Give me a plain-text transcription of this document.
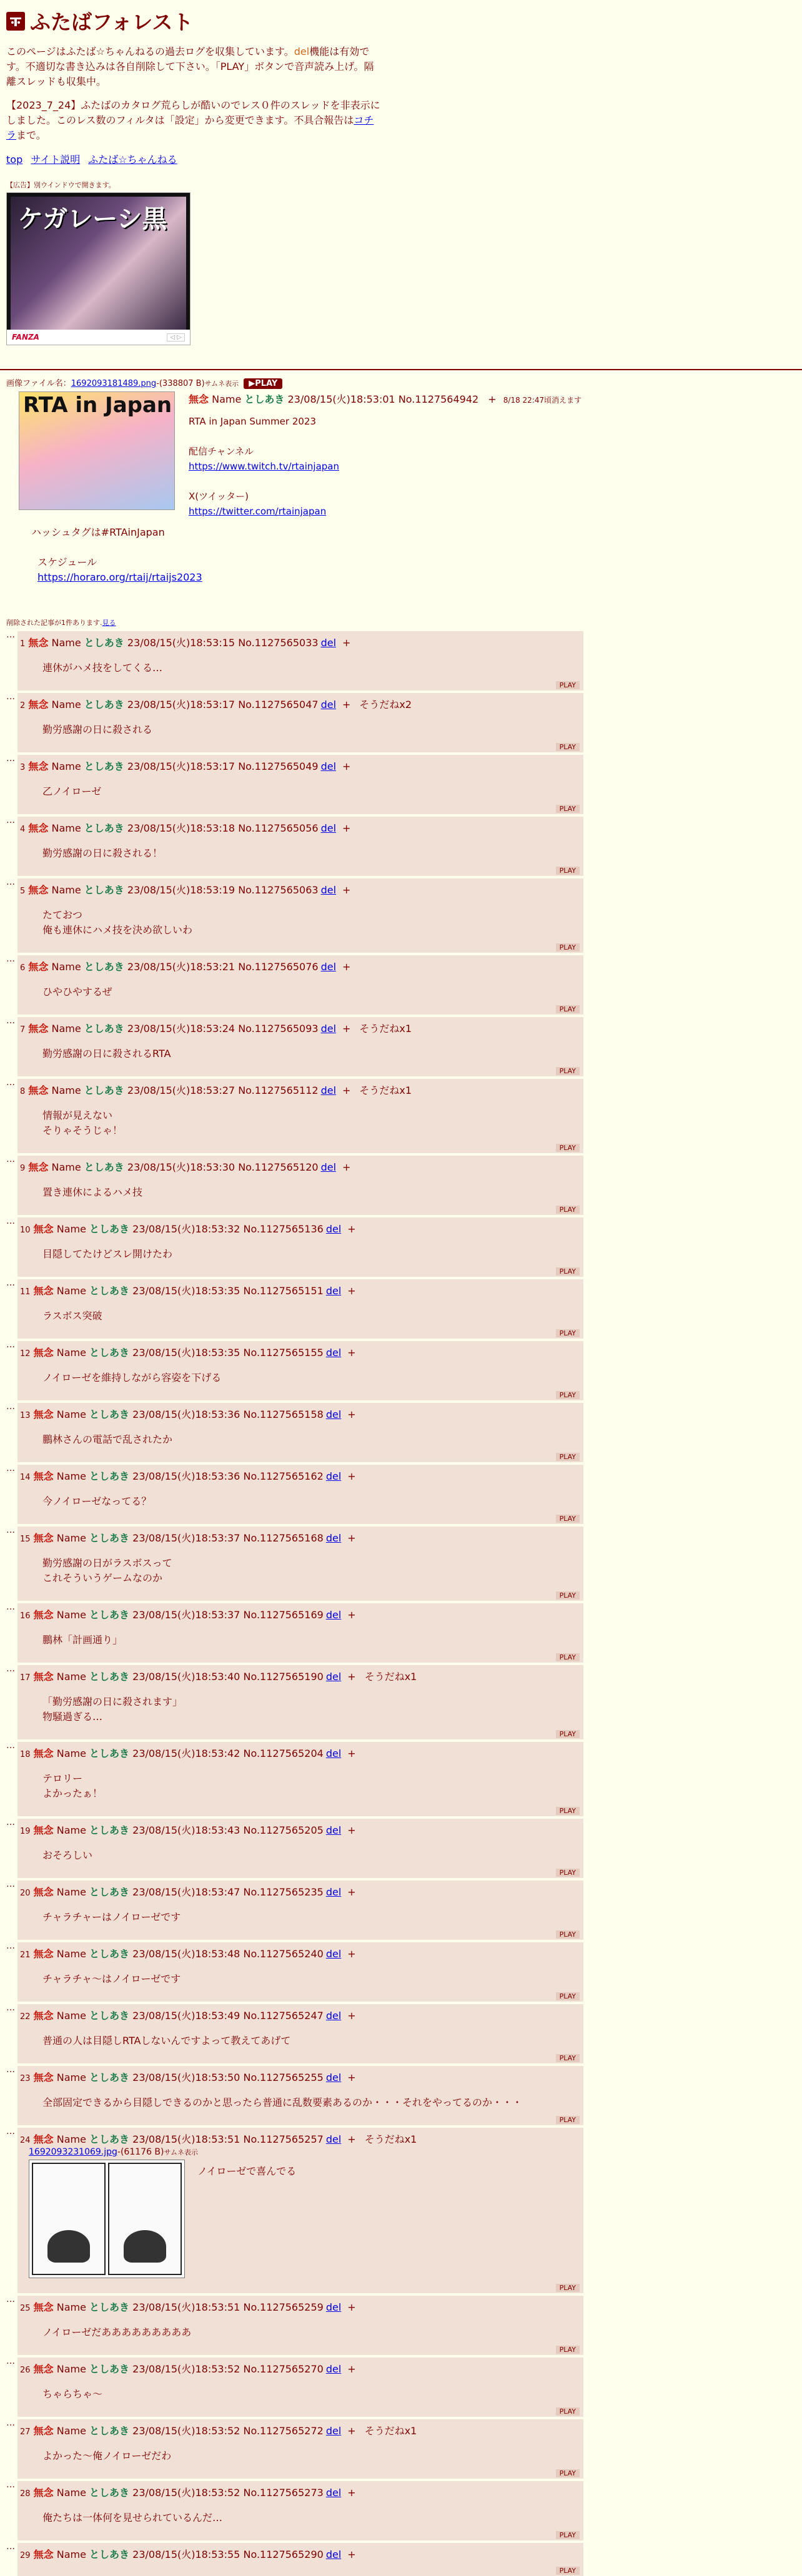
ふたばフォレスト

このページはふたば☆ちゃんねるの過去ログを収集しています。del機能は有効です。不適切な書き込みは各自削除して下さい。「PLAY」ボタンで音声読み上げ。隔離スレッドも収集中。

【2023_7_24】ふたばのカタログ荒らしが酷いのでレス０件のスレッドを非表示にしました。このレス数のフィルタは「設定」から変更できます。不具合報告はコチラまで。

top サイト説明 ふたば☆ちゃんねる
【広告】別ウインドウで開きます。
ケガレーシ黒
FANZA	◁ ▷
画像ファイル名：1692093181489.png-(338807 B)サムネ表示 ▶PLAY
RTA in Japan 無念 Name としあき 23/08/15(火)18:53:01 No.1127564942 + 8/18 22:47頃消えます
RTA in Japan Summer 2023
配信チャンネル
https://www.twitch.tv/rtainjapan
X(ツイッター)
https://twitter.com/rtainjapan
ハッシュタグは#RTAinJapan
スケジュール
https://horaro.org/rtaij/rtaijs2023
削除された記事が1件あります.見る
…
1 無念 Name としあき 23/08/15(火)18:53:15 No.1127565033 del +
連休がハメ技をしてくる…
PLAY
…
2 無念 Name としあき 23/08/15(火)18:53:17 No.1127565047 del + そうだねx2
勤労感謝の日に殺される
PLAY
…
3 無念 Name としあき 23/08/15(火)18:53:17 No.1127565049 del +
乙ノイローゼ
PLAY
…
4 無念 Name としあき 23/08/15(火)18:53:18 No.1127565056 del +
勤労感謝の日に殺される！
PLAY
…
5 無念 Name としあき 23/08/15(火)18:53:19 No.1127565063 del +
たておつ
俺も連休にハメ技を決め欲しいわ
PLAY
…
6 無念 Name としあき 23/08/15(火)18:53:21 No.1127565076 del +
ひやひやするぜ
PLAY
…
7 無念 Name としあき 23/08/15(火)18:53:24 No.1127565093 del + そうだねx1
勤労感謝の日に殺されるRTA
PLAY
…
8 無念 Name としあき 23/08/15(火)18:53:27 No.1127565112 del + そうだねx1
情報が見えない
そりゃそうじゃ！
PLAY
…
9 無念 Name としあき 23/08/15(火)18:53:30 No.1127565120 del +
置き連休によるハメ技
PLAY
…
10 無念 Name としあき 23/08/15(火)18:53:32 No.1127565136 del +
目隠してたけどスレ開けたわ
PLAY
…
11 無念 Name としあき 23/08/15(火)18:53:35 No.1127565151 del +
ラスボス突破
PLAY
…
12 無念 Name としあき 23/08/15(火)18:53:35 No.1127565155 del +
ノイローゼを維持しながら容姿を下げる
PLAY
…
13 無念 Name としあき 23/08/15(火)18:53:36 No.1127565158 del +
鵬林さんの電話で乱されたか
PLAY
…
14 無念 Name としあき 23/08/15(火)18:53:36 No.1127565162 del +
今ノイローゼなってる？
PLAY
…
15 無念 Name としあき 23/08/15(火)18:53:37 No.1127565168 del +
勤労感謝の日がラスボスって
これそういうゲームなのか
PLAY
…
16 無念 Name としあき 23/08/15(火)18:53:37 No.1127565169 del +
鵬林「計画通り」
PLAY
…
17 無念 Name としあき 23/08/15(火)18:53:40 No.1127565190 del + そうだねx1
「勤労感謝の日に殺されます」
物騒過ぎる…
PLAY
…
18 無念 Name としあき 23/08/15(火)18:53:42 No.1127565204 del +
テロリー
よかったぁ！
PLAY
…
19 無念 Name としあき 23/08/15(火)18:53:43 No.1127565205 del +
おそろしい
PLAY
…
20 無念 Name としあき 23/08/15(火)18:53:47 No.1127565235 del +
チャラチャーはノイローゼです
PLAY
…
21 無念 Name としあき 23/08/15(火)18:53:48 No.1127565240 del +
チャラチャ〜はノイローゼです
PLAY
…
22 無念 Name としあき 23/08/15(火)18:53:49 No.1127565247 del +
普通の人は目隠しRTAしないんですよって教えてあげて
PLAY
…
23 無念 Name としあき 23/08/15(火)18:53:50 No.1127565255 del +
全部固定できるから目隠しできるのかと思ったら普通に乱数要素あるのか・・・それをやってるのか・・・
PLAY
…
24 無念 Name としあき 23/08/15(火)18:53:51 No.1127565257 del + そうだねx1
1692093231069.jpg-(61176 B)サムネ表示
ノイローゼで喜んでる
PLAY
…
25 無念 Name としあき 23/08/15(火)18:53:51 No.1127565259 del +
ノイローゼだあああああああああ
PLAY
…
26 無念 Name としあき 23/08/15(火)18:53:52 No.1127565270 del +
ちゃらちゃ〜
PLAY
…
27 無念 Name としあき 23/08/15(火)18:53:52 No.1127565272 del + そうだねx1
よかった〜俺ノイローゼだわ
PLAY
…
28 無念 Name としあき 23/08/15(火)18:53:52 No.1127565273 del +
俺たちは一体何を見せられているんだ…
PLAY
…
29 無念 Name としあき 23/08/15(火)18:53:55 No.1127565290 del +
PLAY
